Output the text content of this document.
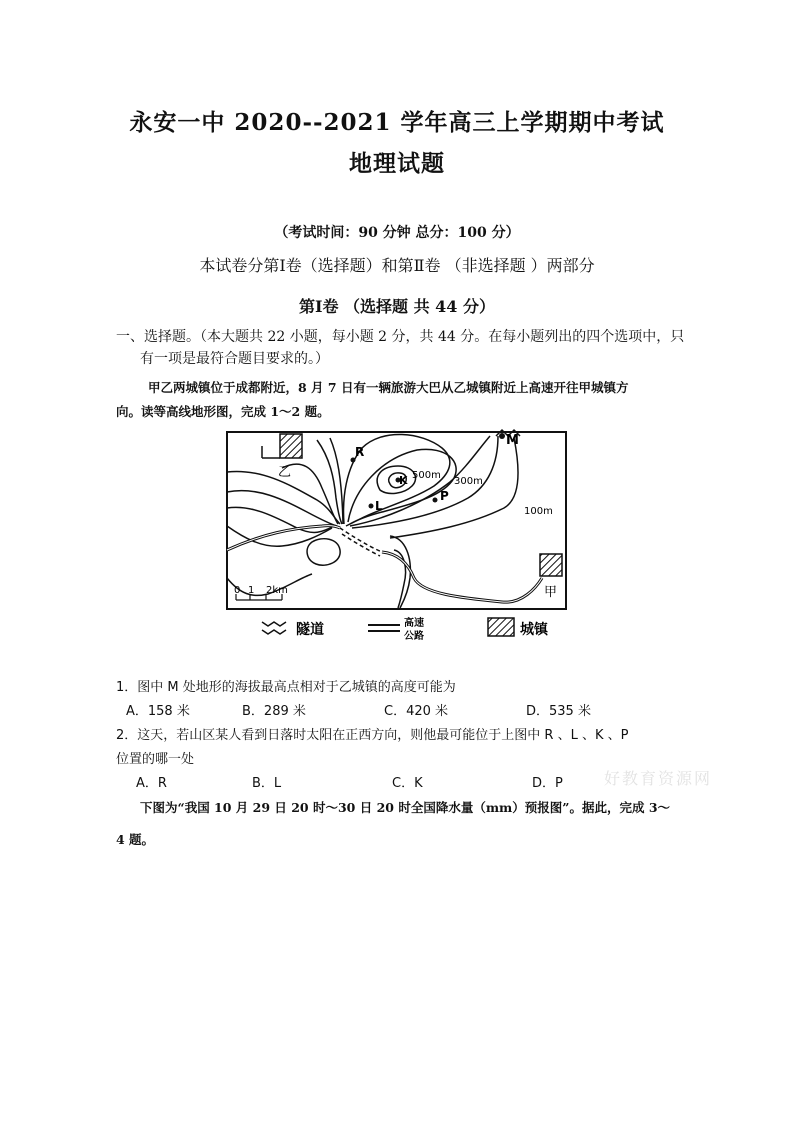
永安一中 2020--2021 学年高三上学期期中考试
地理试题
（考试时间：90 分钟 总分：100 分）
本试卷分第Ⅰ卷（选择题）和第Ⅱ卷 （非选择题 ）两部分
第Ⅰ卷 （选择题 共 44 分）
一、选择题。（本大题共 22 小题，每小题 2 分，共 44 分。在每小题列出的四个选项中，只
有一项是最符合题目要求的。）
甲乙两城镇位于成都附近，8 月 7 日有一辆旅游大巴从乙城镇附近上高速开往甲城镇方
向。读等高线地形图，完成 1～2 题。
乙
M
R
K
L
P
500m
300m
100m
甲
0 1 2km
隧道	高速
公路	城镇
1．图中 M 处地形的海拔最高点相对于乙城镇的高度可能为
A．158 米	B．289 米	C．420 米	D．535 米
2．这天，若山区某人看到日落时太阳在正西方向，则他最可能位于上图中 R 、L 、K 、P
位置的哪一处
A．R	B．L	C．K	D．P	好教育资源网
下图为“我国 10 月 29 日 20 时～30 日 20 时全国降水量（mm）预报图”。据此，完成 3～
4 题。
